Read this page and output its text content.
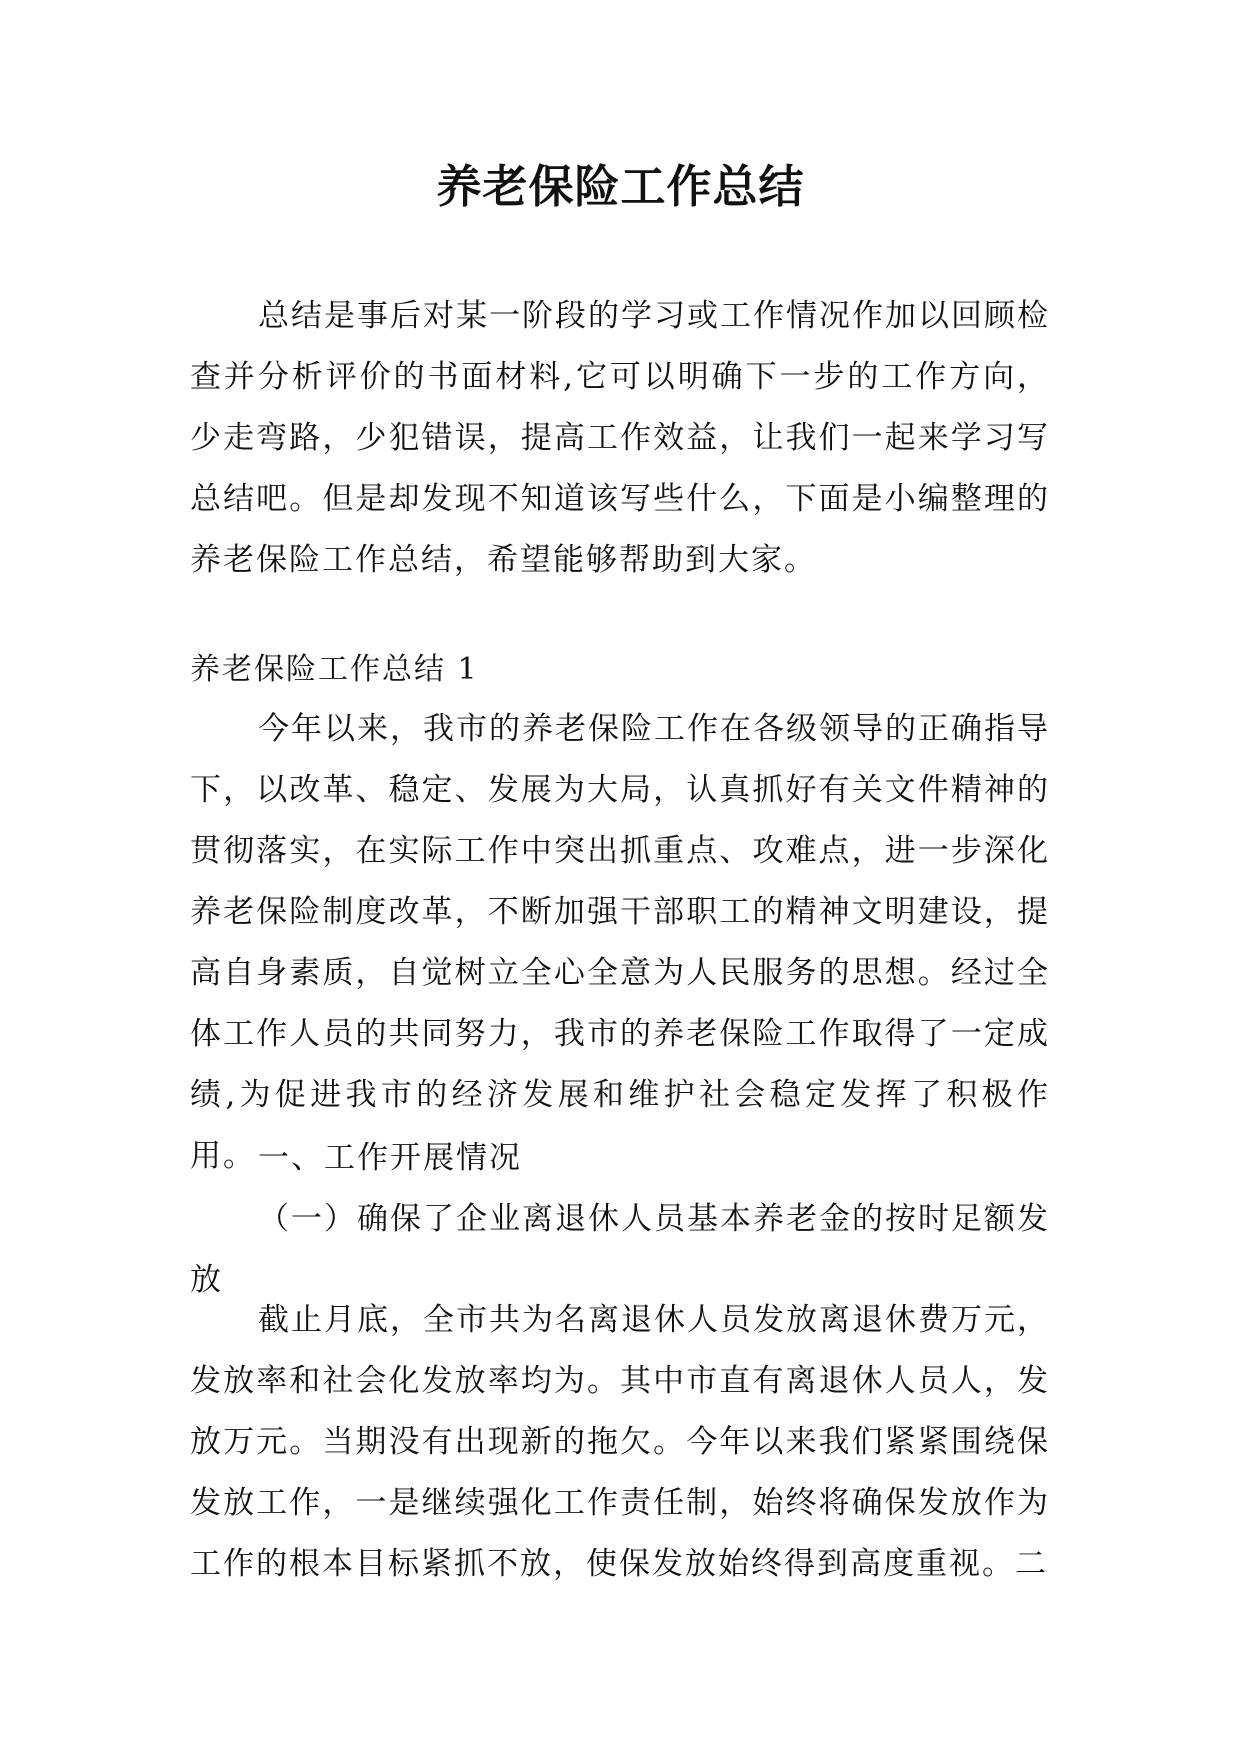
养老保险工作总结

总结是事后对某一阶段的学习或工作情况作加以回顾检查并分析评价的书面材料,它可以明确下一步的工作方向，少走弯路，少犯错误，提高工作效益，让我们一起来学习写总结吧。但是却发现不知道该写些什么，下面是小编整理的养老保险工作总结，希望能够帮助到大家。

养老保险工作总结 1

今年以来，我市的养老保险工作在各级领导的正确指导下，以改革、稳定、发展为大局，认真抓好有关文件精神的贯彻落实，在实际工作中突出抓重点、攻难点，进一步深化养老保险制度改革，不断加强干部职工的精神文明建设，提高自身素质，自觉树立全心全意为人民服务的思想。经过全体工作人员的共同努力，我市的养老保险工作取得了一定成绩,为促进我市的经济发展和维护社会稳定发挥了积极作用。 一、工作开展情况

（一）确保了企业离退休人员基本养老金的按时足额发放

截止月底，全市共为名离退休人员发放离退休费万元，发放率和社会化发放率均为。其中市直有离退休人员人，发放万元。当期没有出现新的拖欠。今年以来我们紧紧围绕保发放工作，一是继续强化工作责任制，始终将确保发放作为工作的根本目标紧抓不放，使保发放始终得到高度重视。二
